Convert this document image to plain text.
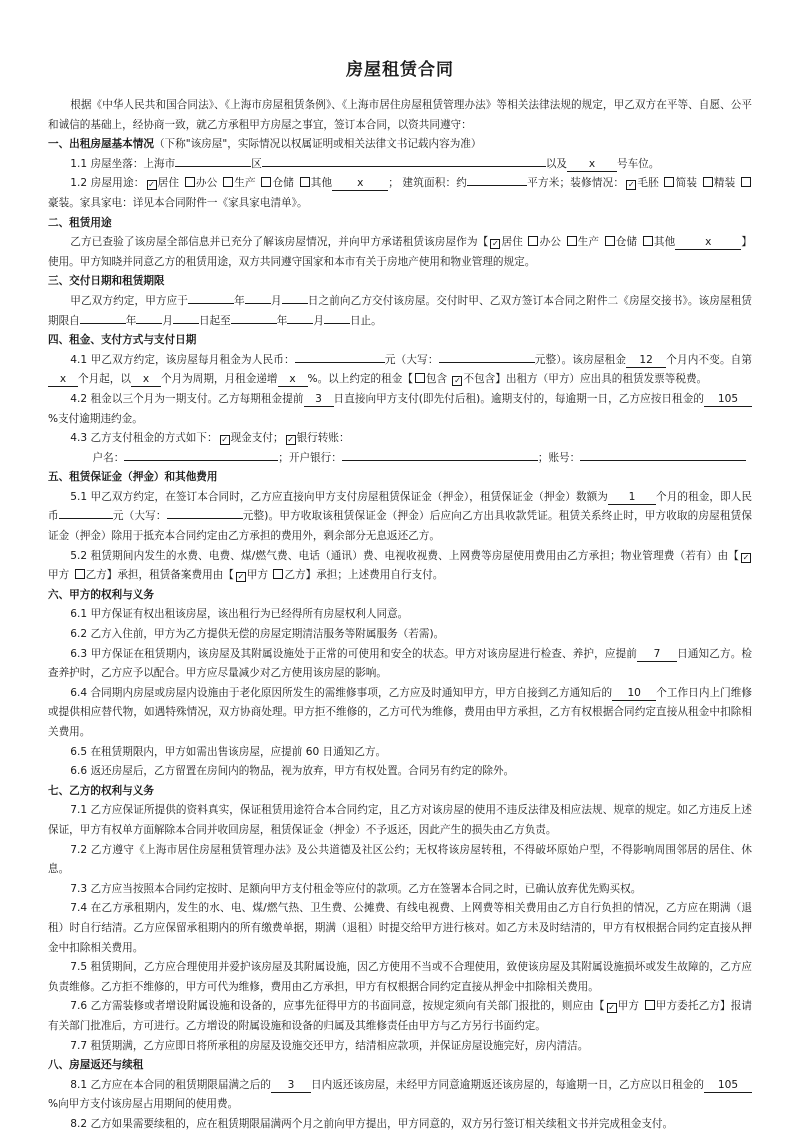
房屋租赁合同

根据《中华人民共和国合同法》、《上海市房屋租赁条例》、《上海市居住房屋租赁管理办法》等相关法律法规的规定，甲乙双方在平等、自愿、公平和诚信的基础上，经协商一致，就乙方承租甲方房屋之事宜，签订本合同，以资共同遵守：

一、出租房屋基本情况（下称"该房屋"，实际情况以权属证明或相关法律文书记载内容为准）

1.1 房屋坐落：上海市	区	以及 x 号车位。

1.2 房屋用途： ✓ 居住 办公 生产 仓储 其他 x ； 建筑面积：约	平方米；装修情况： ✓ 毛胚 简装 精装 豪装。家具家电：详见本合同附件一《家具家电清单》。

二、租赁用途

乙方已查验了该房屋全部信息并已充分了解该房屋情况，并向甲方承诺租赁该房屋作为【 ✓ 居住 办公 生产 仓储 其他	x	】使用。甲方知晓并同意乙方的租赁用途，双方共同遵守国家和本市有关于房地产使用和物业管理的规定。

三、交付日期和租赁期限

甲乙双方约定，甲方应于	年 月 日之前向乙方交付该房屋。交付时甲、乙双方签订本合同之附件二《房屋交接书》。该房屋租赁期限自	年 月 日起至	年 月 日止。

四、租金、支付方式与支付日期

4.1 甲乙双方约定，该房屋每月租金为人民币：	元（大写：	元整）。该房屋租金 12 个月内不变。自第x 个月起，以 x 个月为周期，月租金递增 x %。以上约定的租金【 包含 ✓ 不包含】出租方（甲方）应出具的租赁发票等税费。

4.2 租金以三个月为一期支付。乙方每期租金提前 3 日直接向甲方支付(即先付后租)。逾期支付的，每逾期一日，乙方应按日租金的 105%支付逾期违约金。

4.3 乙方支付租金的方式如下： ✓ 现金支付； ✓ 银行转账：

户名：	；开户银行：	；账号：

五、租赁保证金（押金）和其他费用

5.1 甲乙双方约定，在签订本合同时，乙方应直接向甲方支付房屋租赁保证金（押金），租赁保证金（押金）数额为 1 个月的租金，即人民币	元（大写：	元整)。甲方收取该租赁保证金（押金）后应向乙方出具收款凭证。租赁关系终止时，甲方收取的房屋租赁保证金（押金）除用于抵充本合同约定由乙方承担的费用外，剩余部分无息返还乙方。

5.2 租赁期间内发生的水费、电费、煤/燃气费、电话（通讯）费、电视收视费、上网费等房屋使用费用由乙方承担；物业管理费（若有）由【✓甲方 乙方】承担，租赁备案费用由【 ✓ 甲方 乙方】承担；上述费用自行支付。

六、甲方的权利与义务

6.1 甲方保证有权出租该房屋，该出租行为已经得所有房屋权利人同意。

6.2 乙方入住前，甲方为乙方提供无偿的房屋定期清洁服务等附属服务（若需)。

6.3 甲方保证在租赁期内，该房屋及其附属设施处于正常的可使用和安全的状态。甲方对该房屋进行检查、养护，应提前 7 日通知乙方。检查养护时，乙方应予以配合。甲方应尽量减少对乙方使用该房屋的影响。

6.4 合同期内房屋或房屋内设施由于老化原因所发生的需维修事项，乙方应及时通知甲方，甲方自接到乙方通知后的 10 个工作日内上门维修或提供相应替代物，如遇特殊情况，双方协商处理。甲方拒不维修的，乙方可代为维修，费用由甲方承担，乙方有权根据合同约定直接从租金中扣除相关费用。

6.5 在租赁期限内，甲方如需出售该房屋，应提前 60 日通知乙方。

6.6 返还房屋后，乙方留置在房间内的物品，视为放弃，甲方有权处置。合同另有约定的除外。

七、乙方的权利与义务

7.1 乙方应保证所提供的资料真实，保证租赁用途符合本合同约定，且乙方对该房屋的使用不违反法律及相应法规、规章的规定。如乙方违反上述保证，甲方有权单方面解除本合同并收回房屋，租赁保证金（押金）不予返还，因此产生的损失由乙方负责。

7.2 乙方遵守《上海市居住房屋租赁管理办法》及公共道德及社区公约；无权将该房屋转租，不得破坏原始户型，不得影响周围邻居的居住、休息。

7.3 乙方应当按照本合同约定按时、足额向甲方支付租金等应付的款项。乙方在签署本合同之时，已确认放弃优先购买权。

7.4 在乙方承租期内，发生的水、电、煤/燃气热、卫生费、公摊费、有线电视费、上网费等相关费用由乙方自行负担的情况，乙方应在期满（退租）时自行结清。乙方应保留承租期内的所有缴费单据，期满（退租）时提交给甲方进行核对。如乙方未及时结清的，甲方有权根据合同约定直接从押金中扣除相关费用。

7.5 租赁期间，乙方应合理使用并爱护该房屋及其附属设施，因乙方使用不当或不合理使用，致使该房屋及其附属设施损坏或发生故障的，乙方应负责维修。乙方拒不维修的，甲方可代为维修，费用由乙方承担，甲方有权根据合同约定直接从押金中扣除相关费用。

7.6 乙方需装修或者增设附属设施和设备的，应事先征得甲方的书面同意，按规定须向有关部门报批的，则应由【 ✓ 甲方 甲方委托乙方】报请有关部门批准后，方可进行。乙方增设的附属设施和设备的归属及其维修责任由甲方与乙方另行书面约定。

7.7 租赁期满，乙方应即日将所承租的房屋及设施交还甲方，结清相应款项，并保证房屋设施完好，房内清洁。

八、房屋返还与续租

8.1 乙方应在本合同的租赁期限届满之后的 3 日内返还该房屋，未经甲方同意逾期返还该房屋的，每逾期一日，乙方应以日租金的 105%向甲方支付该房屋占用期间的使用费。

8.2 乙方如果需要续租的，应在租赁期限届满两个月之前向甲方提出，甲方同意的，双方另行签订相关续租文书并完成租金支付。
